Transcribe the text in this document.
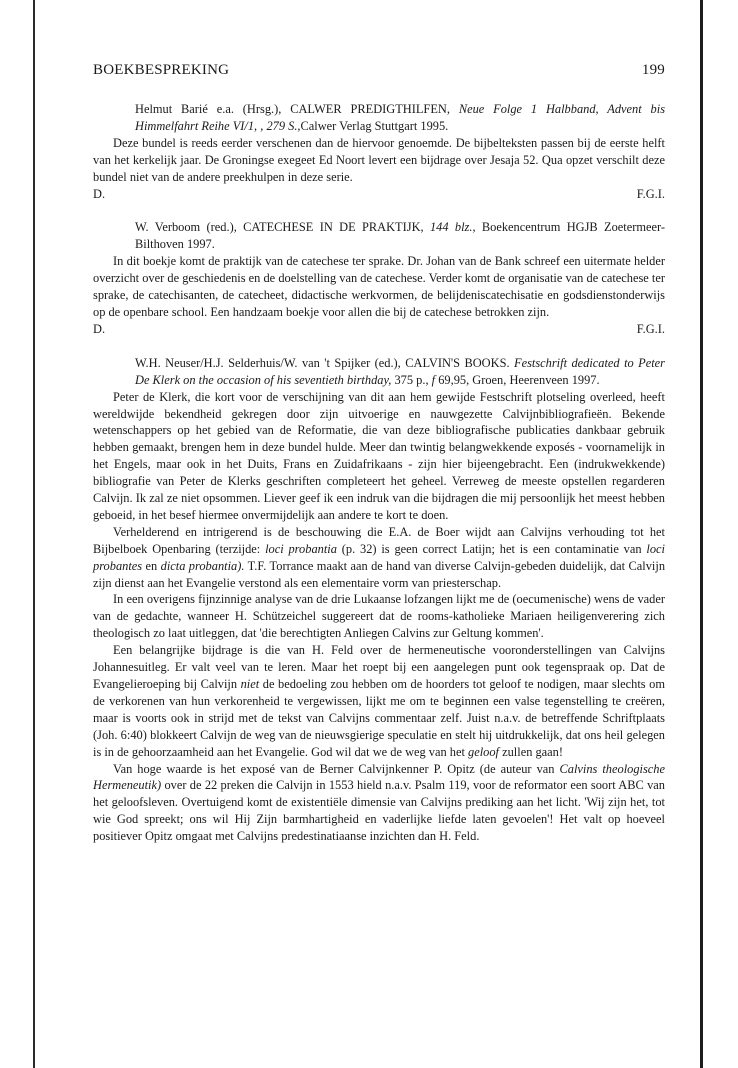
BOEKBESPREKING	199

Helmut Barié e.a. (Hrsg.), CALWER PREDIGTHILFEN, Neue Folge 1 Halbband, Advent bis Himmelfahrt Reihe VI/1, , 279 S.,Calwer Verlag Stuttgart 1995.

Deze bundel is reeds eerder verschenen dan de hiervoor genoemde. De bijbelteksten passen bij de eerste helft van het kerkelijk jaar. De Groningse exegeet Ed Noort levert een bijdrage over Jesaja 52. Qua opzet verschilt deze bundel niet van de andere preekhulpen in deze serie.

D.	F.G.I.

W. Verboom (red.), CATECHESE IN DE PRAKTIJK, 144 blz., Boekencentrum HGJB Zoetermeer-Bilthoven 1997.

In dit boekje komt de praktijk van de catechese ter sprake. Dr. Johan van de Bank schreef een uitermate helder overzicht over de geschiedenis en de doelstelling van de catechese. Verder komt de organisatie van de catechese ter sprake, de catechisanten, de catecheet, didactische werkvormen, de belijdeniscatechisatie en godsdienstonderwijs op de openbare school. Een handzaam boekje voor allen die bij de catechese betrokken zijn.

D.	F.G.I.

W.H. Neuser/H.J. Selderhuis/W. van 't Spijker (ed.), CALVIN'S BOOKS. Festschrift dedicated to Peter De Klerk on the occasion of his seventieth birthday, 375 p., f 69,95, Groen, Heerenveen 1997.

Peter de Klerk, die kort voor de verschijning van dit aan hem gewijde Festschrift plotseling overleed, heeft wereldwijde bekendheid gekregen door zijn uitvoerige en nauwgezette Calvijnbibliografieën. Bekende wetenschappers op het gebied van de Reformatie, die van deze bibliografische publicaties dankbaar gebruik hebben gemaakt, brengen hem in deze bundel hulde. Meer dan twintig belangwekkende exposés - voornamelijk in het Engels, maar ook in het Duits, Frans en Zuidafrikaans - zijn hier bijeengebracht. Een (indrukwekkende) bibliografie van Peter de Klerks geschriften completeert het geheel. Verreweg de meeste opstellen regarderen Calvijn. Ik zal ze niet opsommen. Liever geef ik een indruk van die bijdragen die mij persoonlijk het meest hebben geboeid, in het besef hiermee onvermijdelijk aan andere te kort te doen.

Verhelderend en intrigerend is de beschouwing die E.A. de Boer wijdt aan Calvijns verhouding tot het Bijbelboek Openbaring (terzijde: loci probantia (p. 32) is geen correct Latijn; het is een contaminatie van loci probantes en dicta probantia). T.F. Torrance maakt aan de hand van diverse Calvijn-gebeden duidelijk, dat Calvijn zijn dienst aan het Evangelie verstond als een elementaire vorm van priesterschap.

In een overigens fijnzinnige analyse van de drie Lukaanse lofzangen lijkt me de (oecumenische) wens de vader van de gedachte, wanneer H. Schützeichel suggereert dat de rooms-katholieke Mariaen heiligenverering zich theologisch zo laat uitleggen, dat 'die berechtigten Anliegen Calvins zur Geltung kommen'.

Een belangrijke bijdrage is die van H. Feld over de hermeneutische vooronderstellingen van Calvijns Johannesuitleg. Er valt veel van te leren. Maar het roept bij een aangelegen punt ook tegenspraak op. Dat de Evangelieroeping bij Calvijn niet de bedoeling zou hebben om de hoorders tot geloof te nodigen, maar slechts om de verkorenen van hun verkorenheid te vergewissen, lijkt me om te beginnen een valse tegenstelling te creëren, maar is voorts ook in strijd met de tekst van Calvijns commentaar zelf. Juist n.a.v. de betreffende Schriftplaats (Joh. 6:40) blokkeert Calvijn de weg van de nieuwsgierige speculatie en stelt hij uitdrukkelijk, dat ons heil gelegen is in de gehoorzaamheid aan het Evangelie. God wil dat we de weg van het geloof zullen gaan!

Van hoge waarde is het exposé van de Berner Calvijnkenner P. Opitz (de auteur van Calvins theologische Hermeneutik) over de 22 preken die Calvijn in 1553 hield n.a.v. Psalm 119, voor de reformator een soort ABC van het geloofsleven. Overtuigend komt de existentiële dimensie van Calvijns prediking aan het licht. 'Wij zijn het, tot wie God spreekt; ons wil Hij Zijn barmhartigheid en vaderlijke liefde laten gevoelen'! Het valt op hoeveel positiever Opitz omgaat met Calvijns predestinatiaanse inzichten dan H. Feld.
